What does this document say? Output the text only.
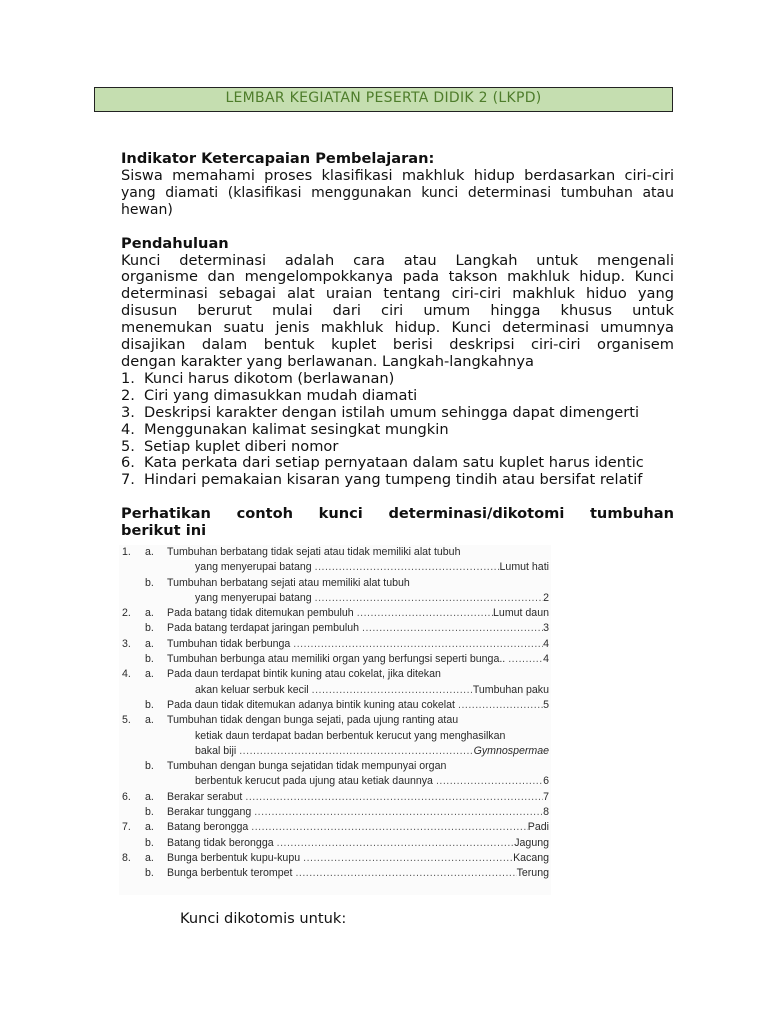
LEMBAR KEGIATAN PESERTA DIDIK 2 (LKPD)

Indikator Ketercapaian Pembelajaran:

Siswa memahami proses klasifikasi makhluk hidup berdasarkan ciri-ciri

yang diamati (klasifikasi menggunakan kunci determinasi tumbuhan atau

hewan)

Pendahuluan

Kunci determinasi adalah cara atau Langkah untuk mengenali

organisme dan mengelompokkanya pada takson makhluk hidup. Kunci

determinasi sebagai alat uraian tentang ciri-ciri makhluk hiduo yang

disusun berurut mulai dari ciri umum hingga khusus untuk

menemukan suatu jenis makhluk hidup. Kunci determinasi umumnya

disajikan dalam bentuk kuplet berisi deskripsi ciri-ciri organisem

dengan karakter yang berlawanan. Langkah-langkahnya

1. Kunci harus dikotom (berlawanan)
2. Ciri yang dimasukkan mudah diamati
3. Deskripsi karakter dengan istilah umum sehingga dapat dimengerti
4. Menggunakan kalimat sesingkat mungkin
5. Setiap kuplet diberi nomor
6. Kata perkata dari setiap pernyataan dalam satu kuplet harus identic
7. Hindari pemakaian kisaran yang tumpeng tindih atau bersifat relatif

Perhatikan contoh kunci determinasi/dikotomi tumbuhan

berikut ini

1.	a.	Tumbuhan berbatang tidak sejati atau tidak memiliki alat tubuh
yang menyerupai batang .....	Lumut hati
b.	Tumbuhan berbatang sejati atau memiliki alat tubuh
yang menyerupai batang .....	2
2.	a.	Pada batang tidak ditemukan pembuluh .....	Lumut daun
b.	Pada batang terdapat jaringan pembuluh .....	3
3.	a.	Tumbuhan tidak berbunga .....	4
b.	Tumbuhan berbunga atau memiliki organ yang berfungsi seperti bunga.. .....	4
4.	a.	Pada daun terdapat bintik kuning atau cokelat, jika ditekan
akan keluar serbuk kecil .....	Tumbuhan paku
b.	Pada daun tidak ditemukan adanya bintik kuning atau cokelat .....	5
5.	a.	Tumbuhan tidak dengan bunga sejati, pada ujung ranting atau
ketiak daun terdapat badan berbentuk kerucut yang menghasilkan
bakal biji .....	Gymnospermae
b.	Tumbuhan dengan bunga sejatidan tidak mempunyai organ
berbentuk kerucut pada ujung atau ketiak daunnya .....	6
6.	a.	Berakar serabut .....	7
b.	Berakar tunggang .....	8
7.	a.	Batang berongga .....	Padi
b.	Batang tidak berongga .....	Jagung
8.	a.	Bunga berbentuk kupu-kupu .....	Kacang
b.	Bunga berbentuk terompet .....	Terung
Kunci dikotomis untuk:
